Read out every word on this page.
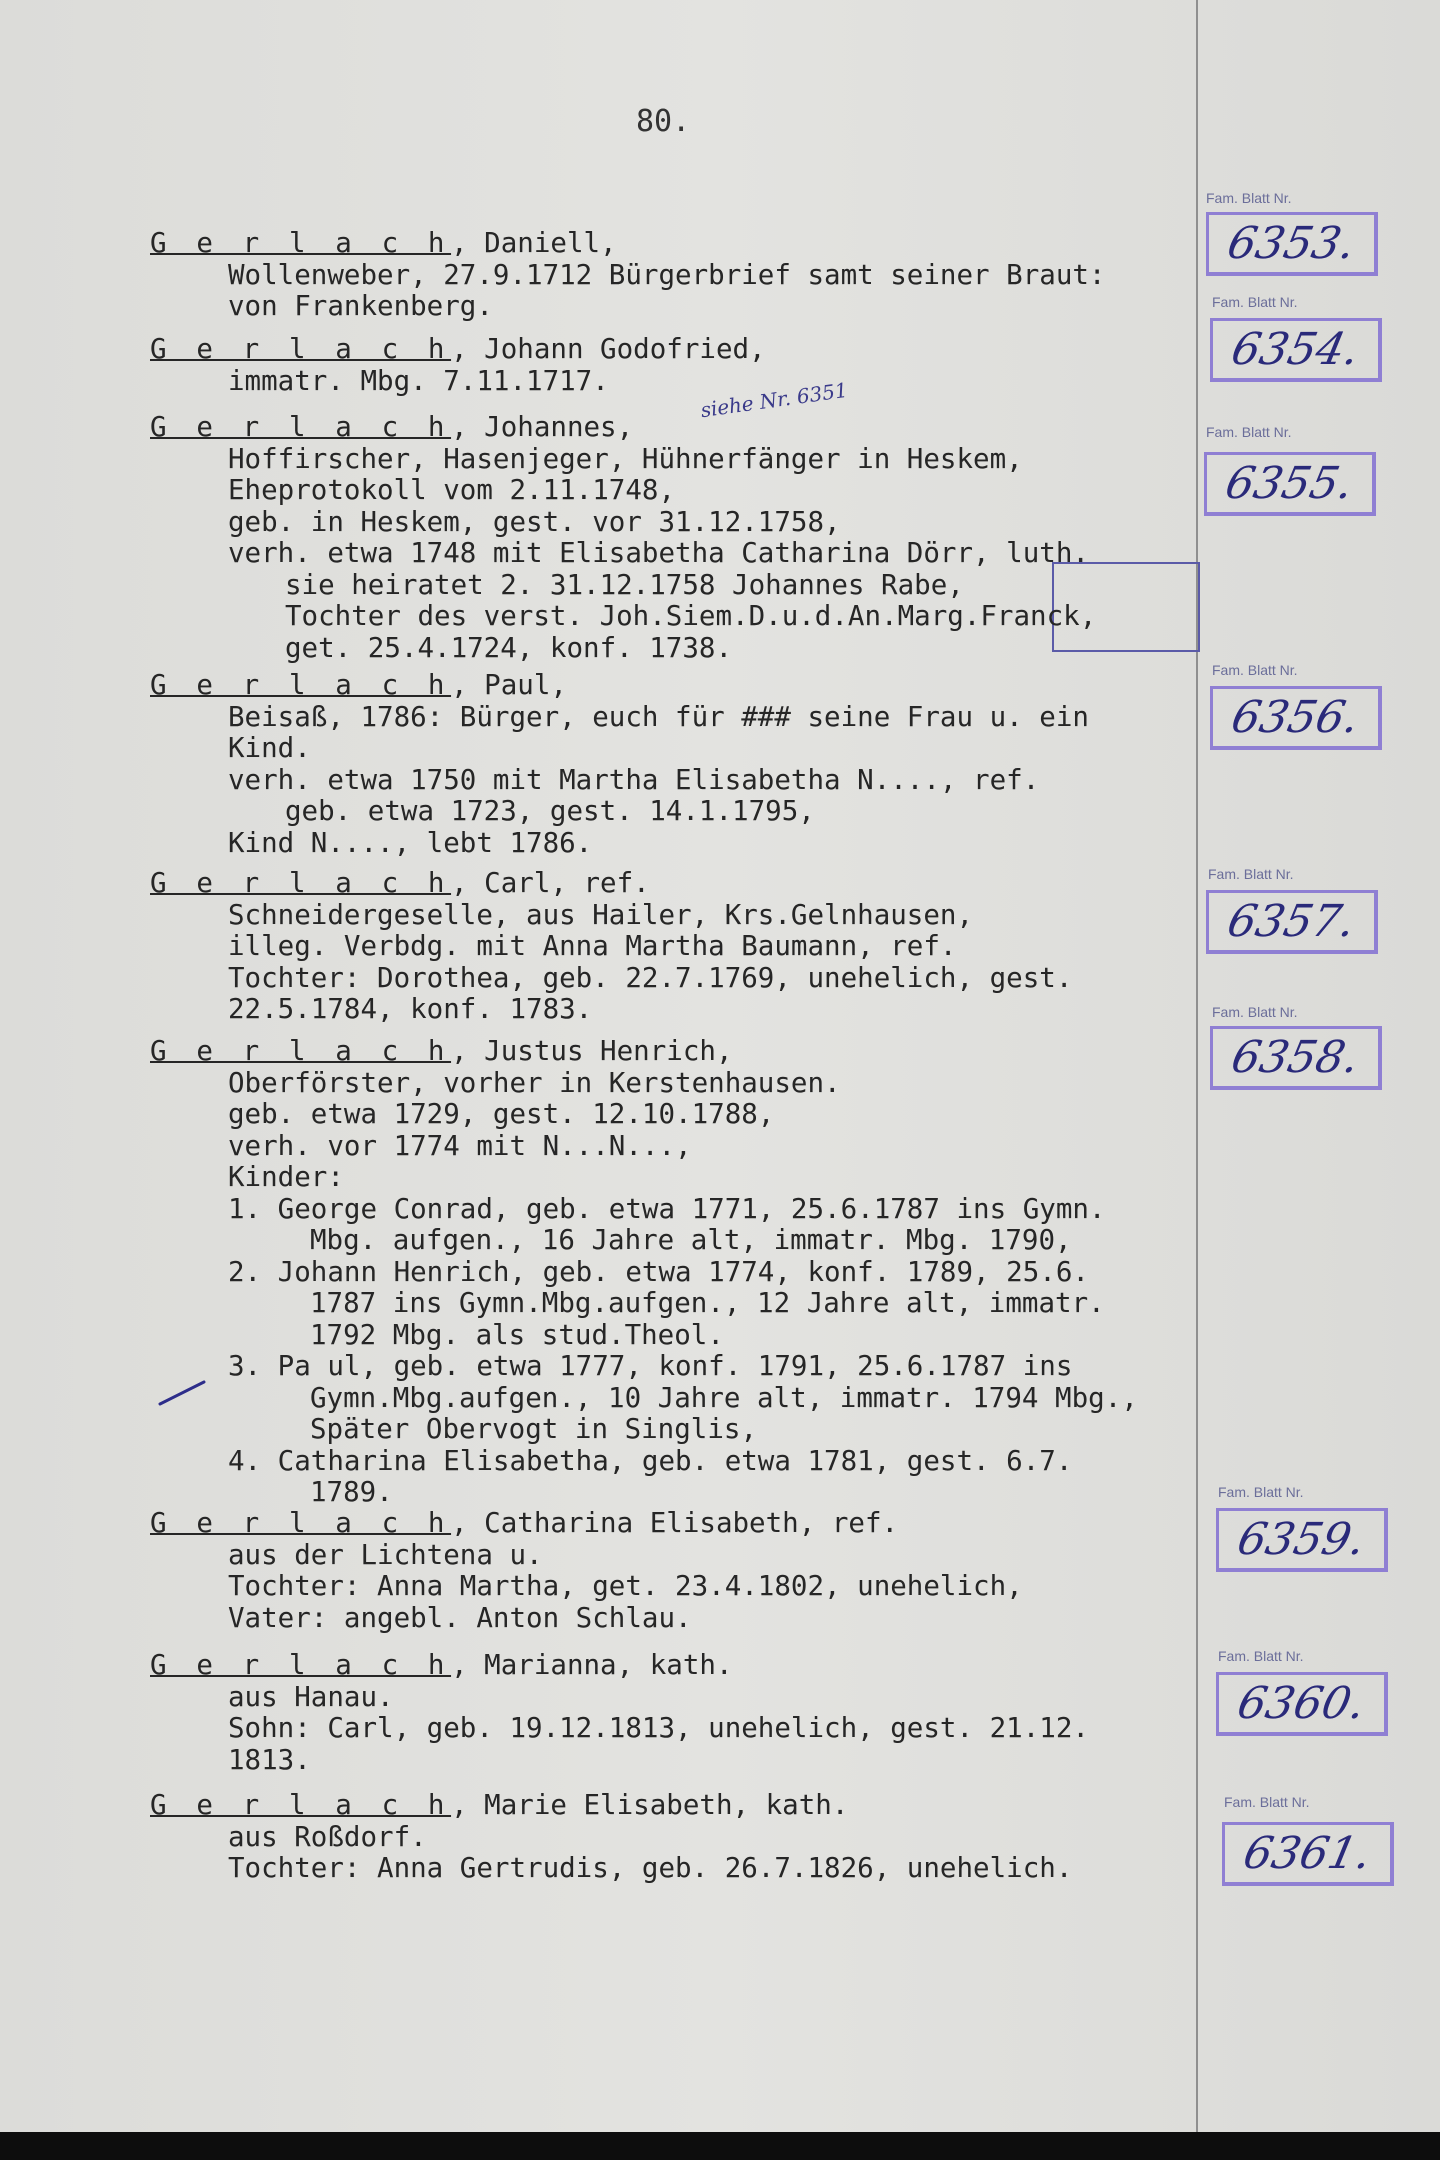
80.
siehe Nr. 6351
G e r l a c h, Daniell,
Wollenweber, 27.9.1712 Bürgerbrief samt seiner Braut:
von Frankenberg.
G e r l a c h, Johann Godofried,
immatr. Mbg. 7.11.1717.
G e r l a c h, Johannes,
Hoffirscher, Hasenjeger, Hühnerfänger in Heskem,
Eheprotokoll vom 2.11.1748,
geb. in Heskem, gest. vor 31.12.1758,
verh. etwa 1748 mit Elisabetha Catharina Dörr, luth.
sie heiratet 2. 31.12.1758 Johannes Rabe,
Tochter des verst. Joh.Siem.D.u.d.An.Marg.Franck,
get. 25.4.1724, konf. 1738.
G e r l a c h, Paul,
Beisaß, 1786: Bürger, euch für ### seine Frau u. ein
Kind.
verh. etwa 1750 mit Martha Elisabetha N...., ref.
geb. etwa 1723, gest. 14.1.1795,
Kind N...., lebt 1786.
G e r l a c h, Carl, ref.
Schneidergeselle, aus Hailer, Krs.Gelnhausen,
illeg. Verbdg. mit Anna Martha Baumann, ref.
Tochter: Dorothea, geb. 22.7.1769, unehelich, gest.
22.5.1784, konf. 1783.
G e r l a c h, Justus Henrich,
Oberförster, vorher in Kerstenhausen.
geb. etwa 1729, gest. 12.10.1788,
verh. vor 1774 mit N...N...,
Kinder:
1. George Conrad, geb. etwa 1771, 25.6.1787 ins Gymn.
Mbg. aufgen., 16 Jahre alt, immatr. Mbg. 1790,
2. Johann Henrich, geb. etwa 1774, konf. 1789, 25.6.
1787 ins Gymn.Mbg.aufgen., 12 Jahre alt, immatr.
1792 Mbg. als stud.Theol.
3. Pa ul, geb. etwa 1777, konf. 1791, 25.6.1787 ins
Gymn.Mbg.aufgen., 10 Jahre alt, immatr. 1794 Mbg.,
Später Obervogt in Singlis,
4. Catharina Elisabetha, geb. etwa 1781, gest. 6.7.
1789.
G e r l a c h, Catharina Elisabeth, ref.
aus der Lichtena u.
Tochter: Anna Martha, get. 23.4.1802, unehelich,
Vater: angebl. Anton Schlau.
G e r l a c h, Marianna, kath.
aus Hanau.
Sohn: Carl, geb. 19.12.1813, unehelich, gest. 21.12.
1813.
G e r l a c h, Marie Elisabeth, kath.
aus Roßdorf.
Tochter: Anna Gertrudis, geb. 26.7.1826, unehelich.
Fam. Blatt Nr.
6353.
Fam. Blatt Nr.
6354.
Fam. Blatt Nr.
6355.
Fam. Blatt Nr.
6356.
Fam. Blatt Nr.
6357.
Fam. Blatt Nr.
6358.
Fam. Blatt Nr.
6359.
Fam. Blatt Nr.
6360.
Fam. Blatt Nr.
6361.
